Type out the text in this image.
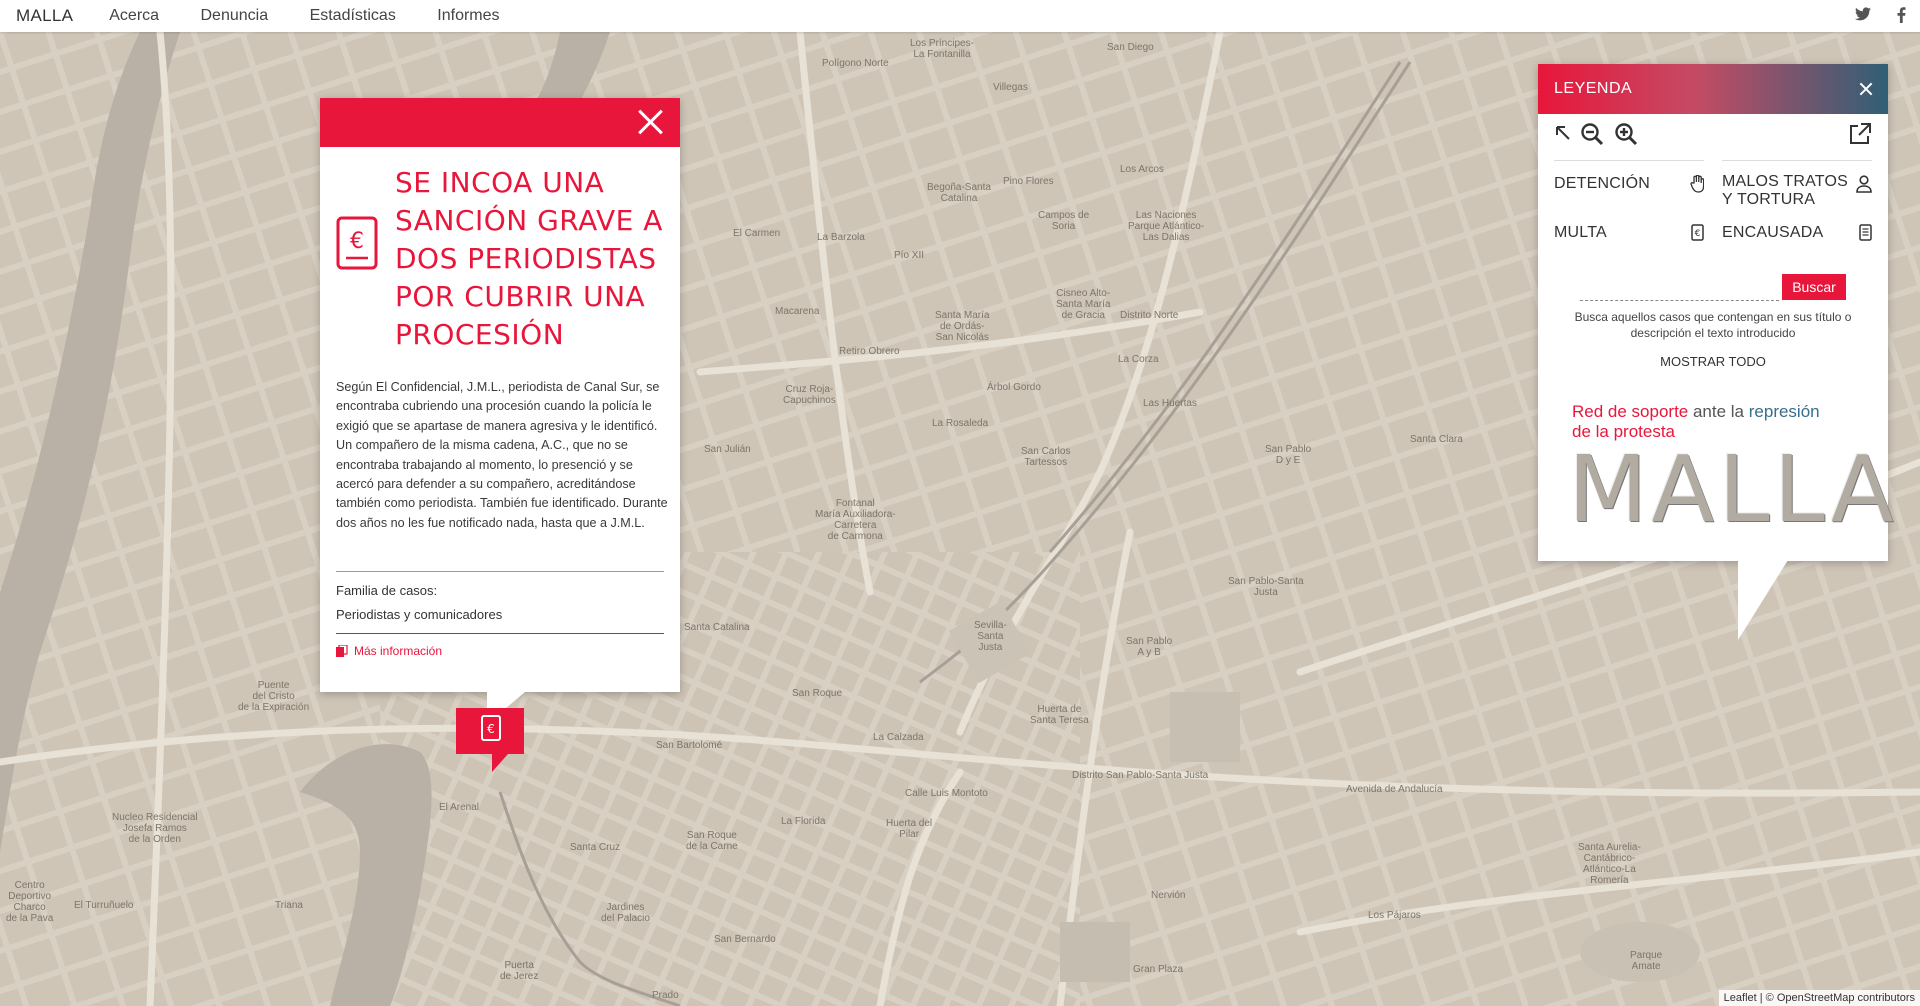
MALLA Acerca	Denuncia	Estadísticas	Informes
Los Príncipes-
La Fontanilla
Polígono Norte
San Diego
Villegas
Los Arcos
Pino Flores
Begoña-Santa
Catalina
Campos de
Soria
Las Naciones
Parque Atlántico-
Las Dalias
El Carmen	La Barzola
Pío XII
Cisneo Alto-
Santa María
de Gracia
Macarena	Santa María
de Ordás-
San Nicolás
Distrito Norte
Retiro Obrero
La Corza
Cruz Roja-
Capuchinos
Árbol Gordo
Las Huertas
San Julián
La Rosaleda
San Carlos
Tartessos
San Pablo
D y E
Santa Clara
Fontanal
María Auxiliadora-
Carretera
de Carmona
Sevilla-
Santa
Justa
San Pablo-Santa
Justa
San Pablo
A y B
Santa Catalina
San Roque
Huerta de
Santa Teresa
La Calzada
Calle Luis Montoto
San Bartolomé
Distrito San Pablo-Santa Justa
Avenida de Andalucía
La Florida	Huerta del
Pilar
San Roque
de la Carne
Santa Cruz	Santa Aurelia-
Cantábrico-
Atlántico-La
Romería
El Arenal
Puente
del Cristo
de la Expiración
Nucleo Residencial
Josefa Ramos
de la Orden
El Turruñuelo	Triana	Jardines
del Palacio
San Bernardo
Nervión
Los Pájaros
Puerta
de Jerez
Gran Plaza
Parque
Amate
Prado
Centro
Deportivo
Charco
de la Pava
Leaflet | © OpenStreetMap contributors
€
SE INCOA UNA SANCIÓN GRAVE A DOS PERIODISTAS POR CUBRIR UNA PROCESIÓN
Según El Confidencial, J.M.L., periodista de Canal Sur, se encontraba cubriendo una procesión cuando la policía le exigió que se apartase de manera agresiva y le identificó. Un compañero de la misma cadena, A.C., que no se encontraba trabajando al momento, lo presenció y se acercó para defender a su compañero, acreditándose también como periodista. También fue identificado. Durante dos años no les fue notificado nada, hasta que a J.M.L.
Familia de casos:
Periodistas y comunicadores
Más información
€
LEYENDA
DETENCIÓN	MALOS TRATOS Y TORTURA
MULTA	€ ENCAUSADA
Buscar
Busca aquellos casos que contengan en sus título o descripción el texto introducido
MOSTRAR TODO
Red de soporte ante la represión
de la protesta
MALLA
